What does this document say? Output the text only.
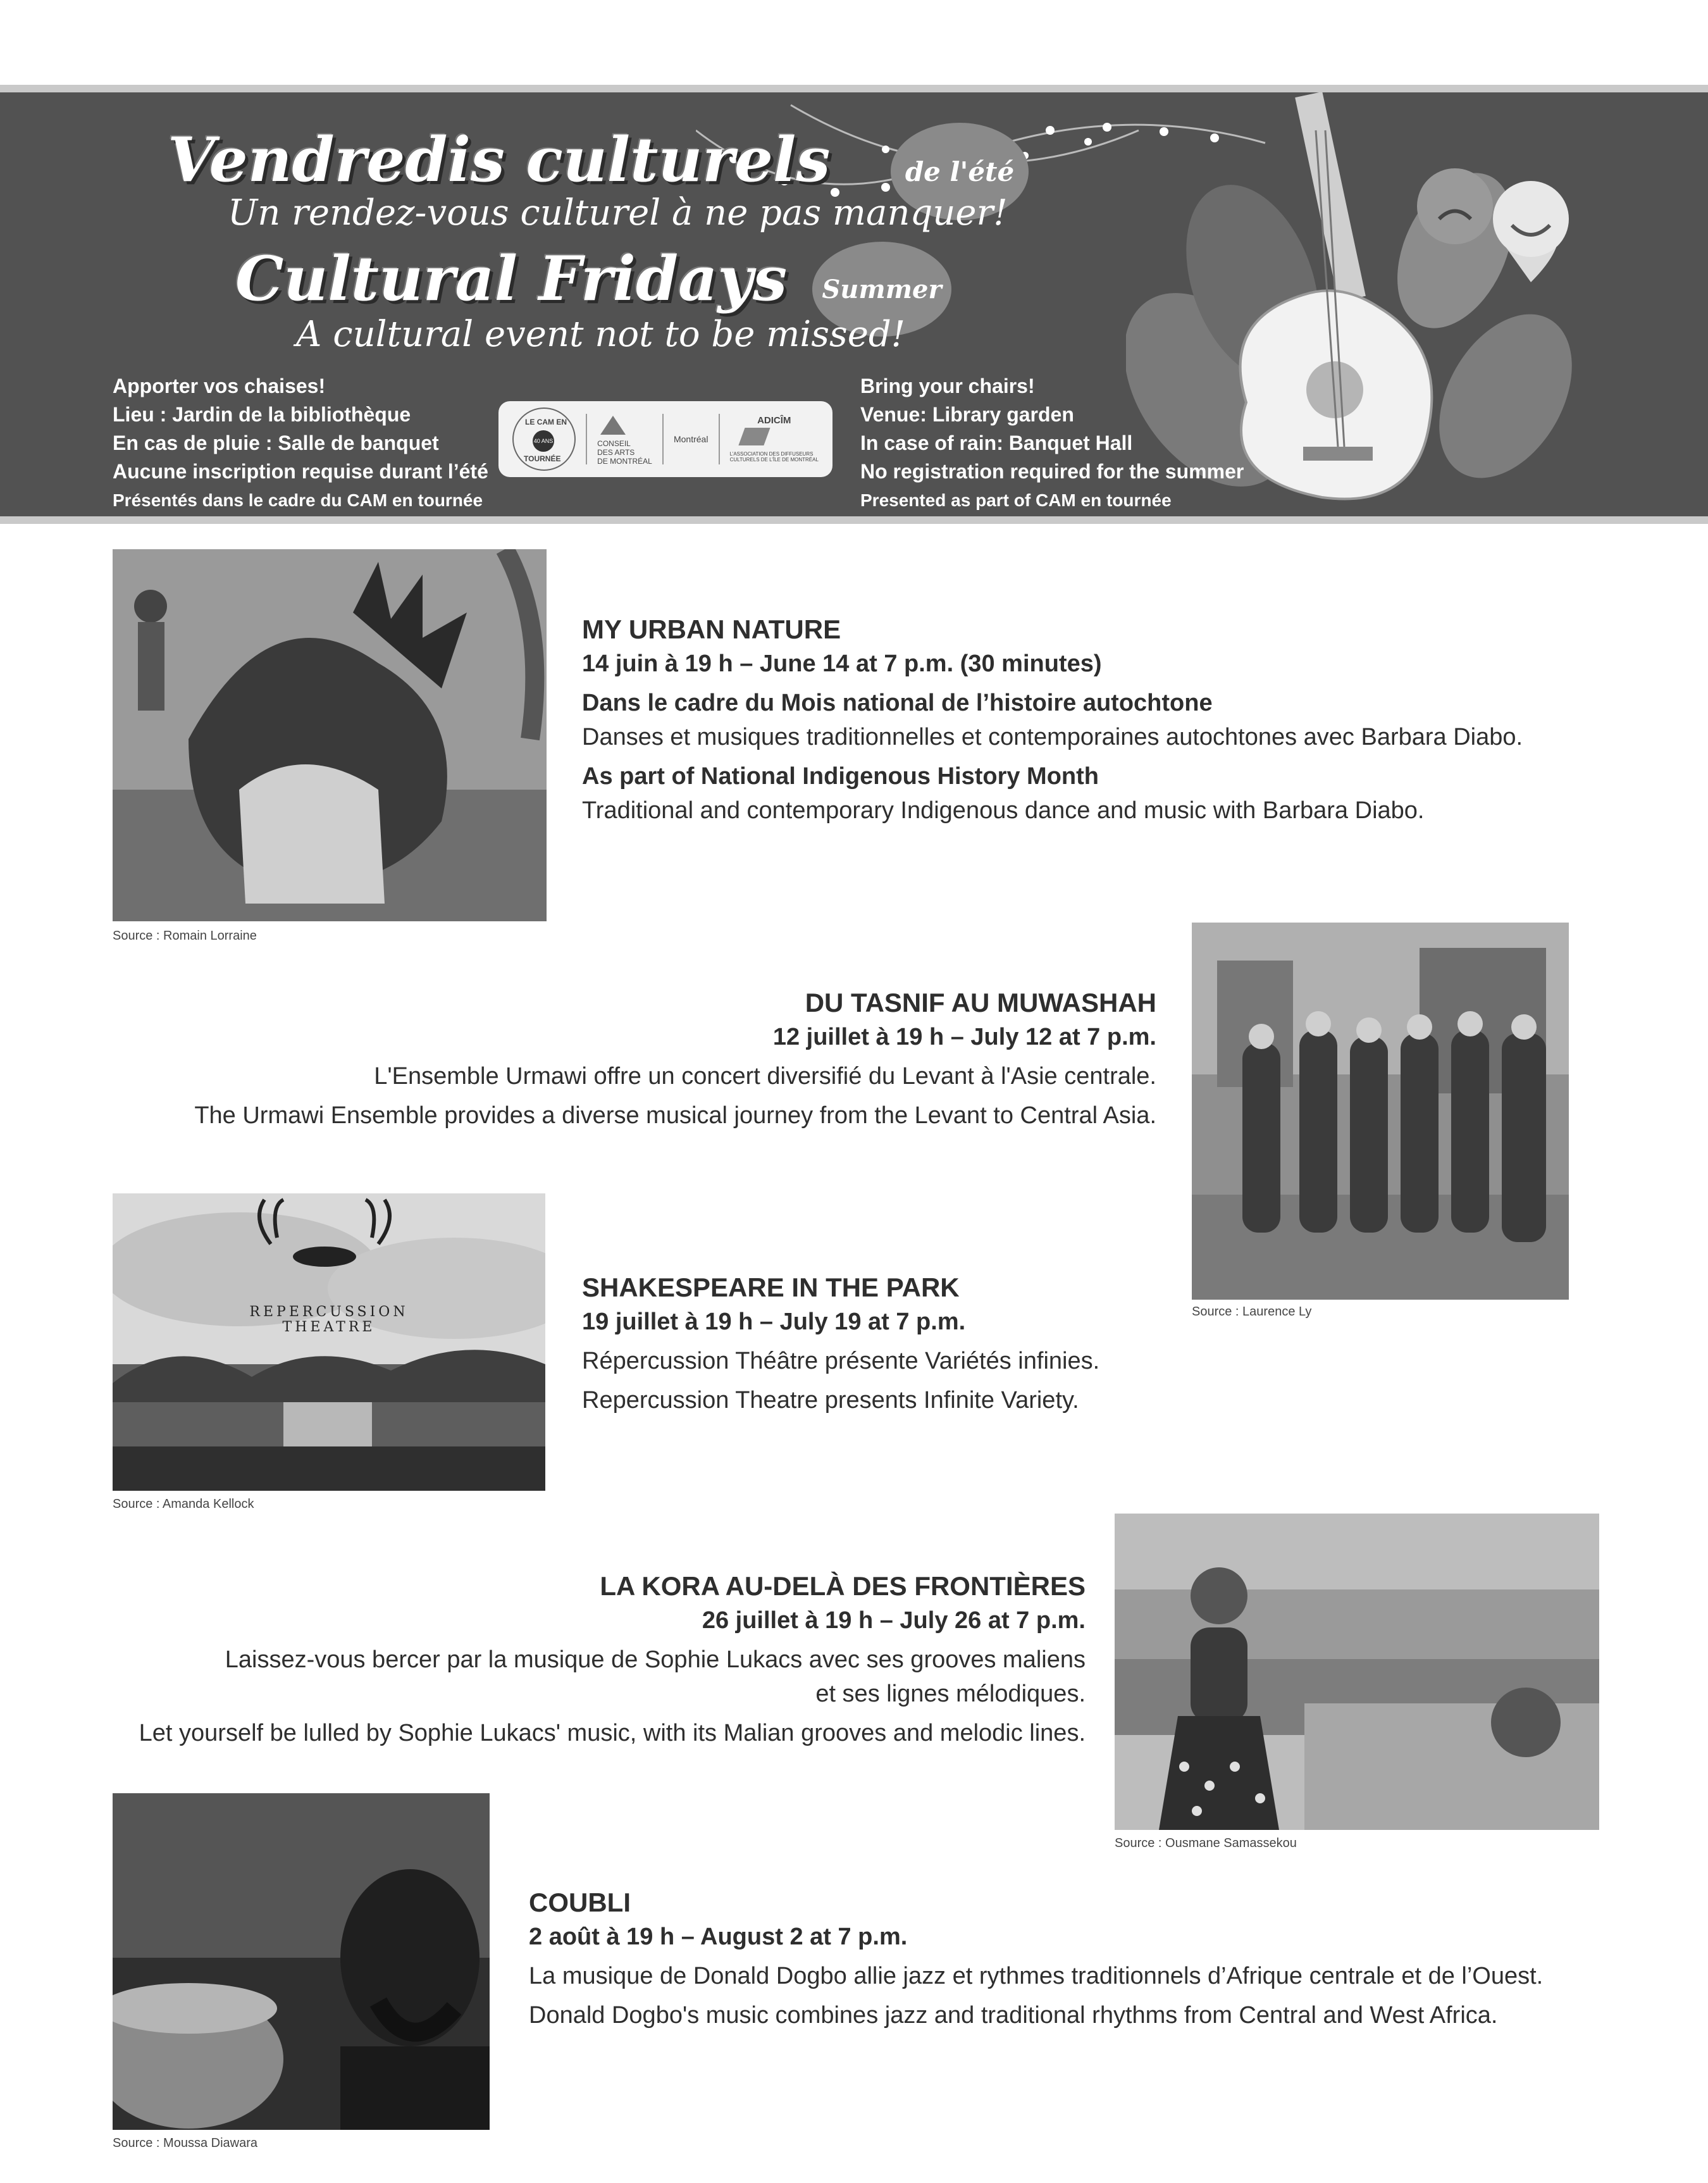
Vendredis culturels	de l'été
Un rendez-vous culturel à ne pas manquer!
Cultural Fridays Summer
A cultural event not to be missed!
Apporter vos chaises!
Lieu : Jardin de la bibliothèque
En cas de pluie : Salle de banquet
Aucune inscription requise durant l’été
Présentés dans le cadre du CAM en tournée
Bring your chairs!
Venue: Library garden
In case of rain: Banquet Hall
No registration required for the summer
Presented as part of CAM en tournée
LE CAM EN
40 ANS
TOURNÉE
CONSEIL
DES ARTS
DE MONTRÉAL
Montréal
ADICÎM
L’ASSOCIATION DES DIFFUSEURS
CULTURELS DE L’ÎLE DE MONTRÉAL
Source : Romain Lorraine
MY URBAN NATURE
14 juin à 19 h – June 14 at 7 p.m. (30 minutes)
Dans le cadre du Mois national de l’histoire autochtone
Danses et musiques traditionnelles et contemporaines autochtones avec Barbara Diabo.
As part of National Indigenous History Month
Traditional and contemporary Indigenous dance and music with Barbara Diabo.
Source : Laurence Ly
DU TASNIF AU MUWASHAH
12 juillet à 19 h – July 12 at 7 p.m.
L'Ensemble Urmawi offre un concert diversifié du Levant à l'Asie centrale.
The Urmawi Ensemble provides a diverse musical journey from the Levant to Central Asia.
REPERCUSSION
THEATRE
Source : Amanda Kellock
SHAKESPEARE IN THE PARK
19 juillet à 19 h – July 19 at 7 p.m.
Répercussion Théâtre présente Variétés infinies.
Repercussion Theatre presents Infinite Variety.
Source : Ousmane Samassekou
LA KORA AU-DELÀ DES FRONTIÈRES
26 juillet à 19 h – July 26 at 7 p.m.
Laissez-vous bercer par la musique de Sophie Lukacs avec ses grooves maliens
et ses lignes mélodiques.
Let yourself be lulled by Sophie Lukacs' music, with its Malian grooves and melodic lines.
Source : Moussa Diawara
COUBLI
2 août à 19 h – August 2 at 7 p.m.
La musique de Donald Dogbo allie jazz et rythmes traditionnels d’Afrique centrale et de l’Ouest.
Donald Dogbo's music combines jazz and traditional rhythms from Central and West Africa.
